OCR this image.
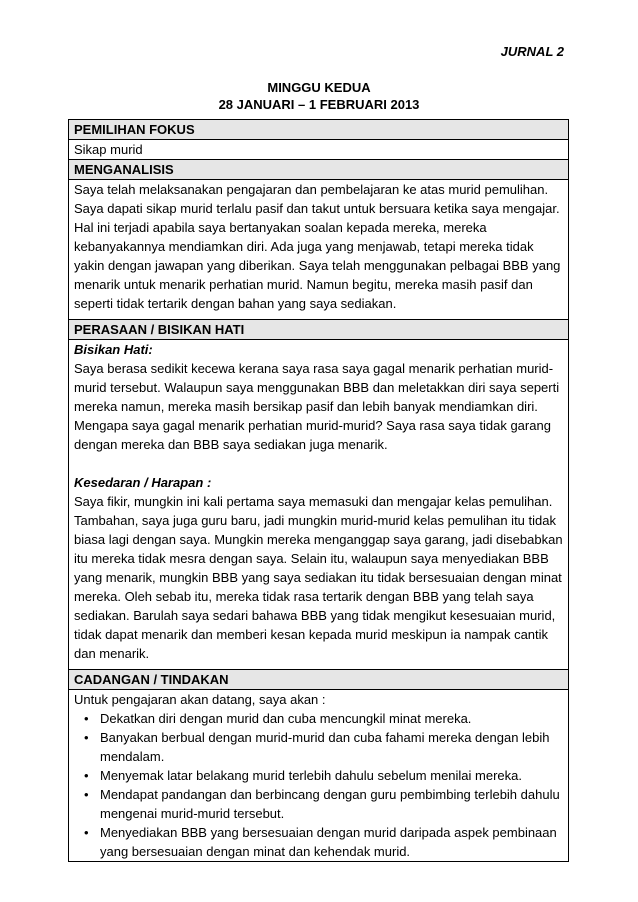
JURNAL 2
MINGGU KEDUA
28 JANUARI – 1 FEBRUARI 2013
PEMILIHAN FOKUS
Sikap murid
MENGANALISIS
Saya telah melaksanakan pengajaran dan pembelajaran ke atas murid pemulihan. Saya dapati sikap murid terlalu pasif dan takut untuk bersuara ketika saya mengajar. Hal ini terjadi apabila saya bertanyakan soalan kepada mereka, mereka kebanyakannya mendiamkan diri. Ada juga yang menjawab, tetapi mereka tidak yakin dengan jawapan yang diberikan. Saya telah menggunakan pelbagai BBB yang menarik untuk menarik perhatian murid. Namun begitu, mereka masih pasif dan seperti tidak tertarik dengan bahan yang saya sediakan.
PERASAAN / BISIKAN HATI

Bisikan Hati:

Saya berasa sedikit kecewa kerana saya rasa saya gagal menarik perhatian murid-murid tersebut. Walaupun saya menggunakan BBB dan meletakkan diri saya seperti mereka namun, mereka masih bersikap pasif dan lebih banyak mendiamkan diri. Mengapa saya gagal menarik perhatian murid-murid? Saya rasa saya tidak garang dengan mereka dan BBB saya sediakan juga menarik.

Kesedaran / Harapan :

Saya fikir, mungkin ini kali pertama saya memasuki dan mengajar kelas pemulihan. Tambahan, saya juga guru baru, jadi mungkin murid-murid kelas pemulihan itu tidak biasa lagi dengan saya. Mungkin mereka menganggap saya garang, jadi disebabkan itu mereka tidak mesra dengan saya. Selain itu, walaupun saya menyediakan BBB yang menarik, mungkin BBB yang saya sediakan itu tidak bersesuaian dengan minat mereka. Oleh sebab itu, mereka tidak rasa tertarik dengan BBB yang telah saya sediakan. Barulah saya sedari bahawa BBB yang tidak mengikut kesesuaian murid, tidak dapat menarik dan memberi kesan kepada murid meskipun ia nampak cantik dan menarik.

CADANGAN / TINDAKAN

Untuk pengajaran akan datang, saya akan :

• Dekatkan diri dengan murid dan cuba mencungkil minat mereka.
• Banyakan berbual dengan murid-murid dan cuba fahami mereka dengan lebih mendalam.
• Menyemak latar belakang murid terlebih dahulu sebelum menilai mereka.
• Mendapat pandangan dan berbincang dengan guru pembimbing terlebih dahulu mengenai murid-murid tersebut.
• Menyediakan BBB yang bersesuaian dengan murid daripada aspek pembinaan yang bersesuaian dengan minat dan kehendak murid.
